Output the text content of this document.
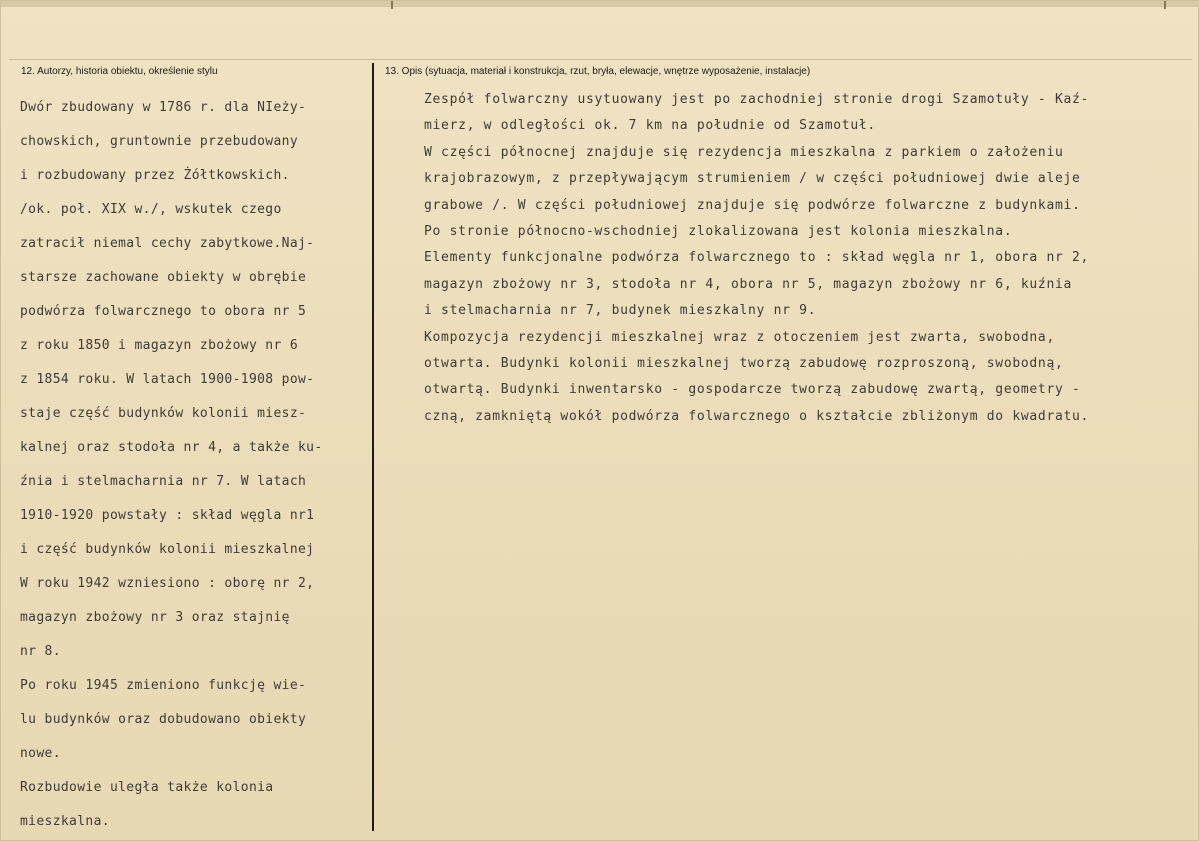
12. Autorzy, historia obiektu, określenie stylu	13. Opis (sytuacja, materiał i konstrukcja, rzut, bryła, elewacje, wnętrze wyposażenie, instalacje)
Dwór zbudowany w 1786 r. dla NIeży-
chowskich, gruntownie przebudowany
i rozbudowany przez Żółtkowskich.
/ok. poł. XIX w./, wskutek czego
zatracił niemal cechy zabytkowe.Naj-
starsze zachowane obiekty w obrębie
podwórza folwarcznego to obora nr 5
z roku 1850 i magazyn zbożowy nr 6
z 1854 roku. W latach 1900-1908 pow-
staje część budynków kolonii miesz-
kalnej oraz stodoła nr 4, a także ku-
źnia i stelmacharnia nr 7. W latach
1910-1920 powstały : skład węgla nr1
i część budynków kolonii mieszkalnej
W roku 1942 wzniesiono : oborę nr 2,
magazyn zbożowy nr 3 oraz stajnię
nr 8.
Po roku 1945 zmieniono funkcję wie-
lu budynków oraz dobudowano obiekty
nowe.
Rozbudowie uległa także kolonia
mieszkalna.
Zespół folwarczny usytuowany jest po zachodniej stronie drogi Szamotuły - Kaź-
mierz, w odległości ok. 7 km na południe od Szamotuł.
W części północnej znajduje się rezydencja mieszkalna z parkiem o założeniu
krajobrazowym, z przepływającym strumieniem / w części południowej dwie aleje
grabowe /. W części południowej znajduje się podwórze folwarczne z budynkami.
Po stronie północno-wschodniej zlokalizowana jest kolonia mieszkalna.
Elementy funkcjonalne podwórza folwarcznego to : skład węgla nr 1, obora nr 2,
magazyn zbożowy nr 3, stodoła nr 4, obora nr 5, magazyn zbożowy nr 6, kuźnia
i stelmacharnia nr 7, budynek mieszkalny nr 9.
Kompozycja rezydencji mieszkalnej wraz z otoczeniem jest zwarta, swobodna,
otwarta. Budynki kolonii mieszkalnej tworzą zabudowę rozproszoną, swobodną,
otwartą. Budynki inwentarsko - gospodarcze tworzą zabudowę zwartą, geometry -
czną, zamkniętą wokół podwórza folwarcznego o kształcie zbliżonym do kwadratu.
